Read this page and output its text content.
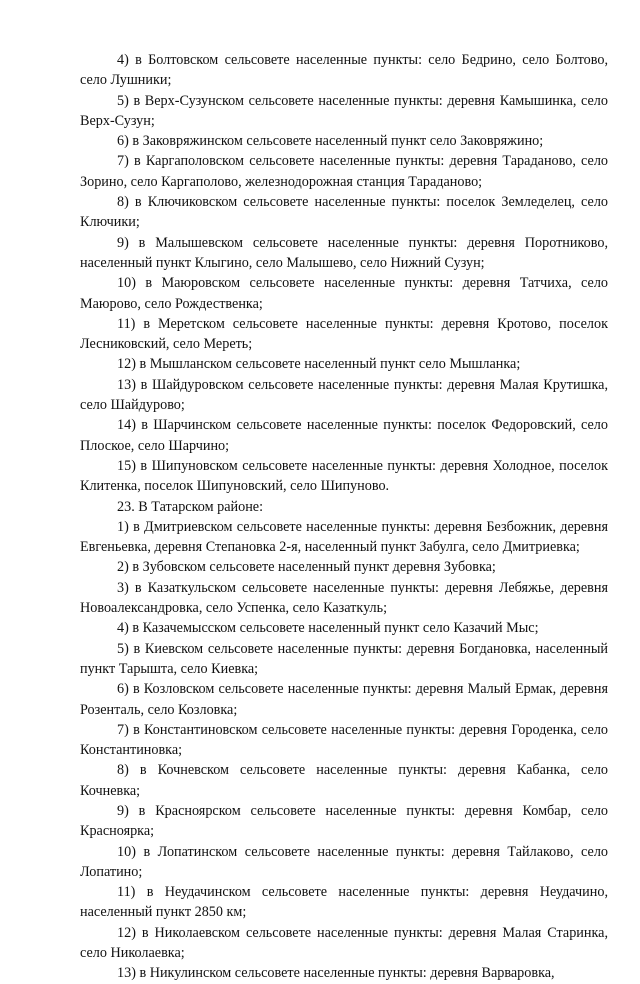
4) в Болтовском сельсовете населенные пункты: село Бедрино, село Болтово, село Лушники;

5) в Верх-Сузунском сельсовете населенные пункты: деревня Камышинка, село Верх-Сузун;

6) в Заковряжинском сельсовете населенный пункт село Заковряжино;

7) в Каргаполовском сельсовете населенные пункты: деревня Тараданово, село Зорино, село Каргаполово, железнодорожная станция Тараданово;

8) в Ключиковском сельсовете населенные пункты: поселок Земледелец, село Ключики;

9) в Малышевском сельсовете населенные пункты: деревня Поротниково, населенный пункт Клыгино, село Малышево, село Нижний Сузун;

10) в Маюровском сельсовете населенные пункты: деревня Татчиха, село Маюрово, село Рождественка;

11) в Меретском сельсовете населенные пункты: деревня Кротово, поселок Лесниковский, село Мереть;

12) в Мышланском сельсовете населенный пункт село Мышланка;

13) в Шайдуровском сельсовете населенные пункты: деревня Малая Крутишка, село Шайдурово;

14) в Шарчинском сельсовете населенные пункты: поселок Федоровский, село Плоское, село Шарчино;

15) в Шипуновском сельсовете населенные пункты: деревня Холодное, поселок Клитенка, поселок Шипуновский, село Шипуново.

23. В Татарском районе:

1) в Дмитриевском сельсовете населенные пункты: деревня Безбожник, деревня Евгеньевка, деревня Степановка 2-я, населенный пункт Забулга, село Дмитриевка;

2) в Зубовском сельсовете населенный пункт деревня Зубовка;

3) в Казаткульском сельсовете населенные пункты: деревня Лебяжье, деревня Новоалександровка, село Успенка, село Казаткуль;

4) в Казачемысском сельсовете населенный пункт село Казачий Мыс;

5) в Киевском сельсовете населенные пункты: деревня Богдановка, населенный пункт Тарышта, село Киевка;

6) в Козловском сельсовете населенные пункты: деревня Малый Ермак, деревня Розенталь, село Козловка;

7) в Константиновском сельсовете населенные пункты: деревня Городенка, село Константиновка;

8) в Кочневском сельсовете населенные пункты: деревня Кабанка, село Кочневка;

9) в Красноярском сельсовете населенные пункты: деревня Комбар, село Красноярка;

10) в Лопатинском сельсовете населенные пункты: деревня Тайлаково, село Лопатино;

11) в Неудачинском сельсовете населенные пункты: деревня Неудачино, населенный пункт 2850 км;

12) в Николаевском сельсовете населенные пункты: деревня Малая Старинка, село Николаевка;

13) в Никулинском сельсовете населенные пункты: деревня Варваровка,
